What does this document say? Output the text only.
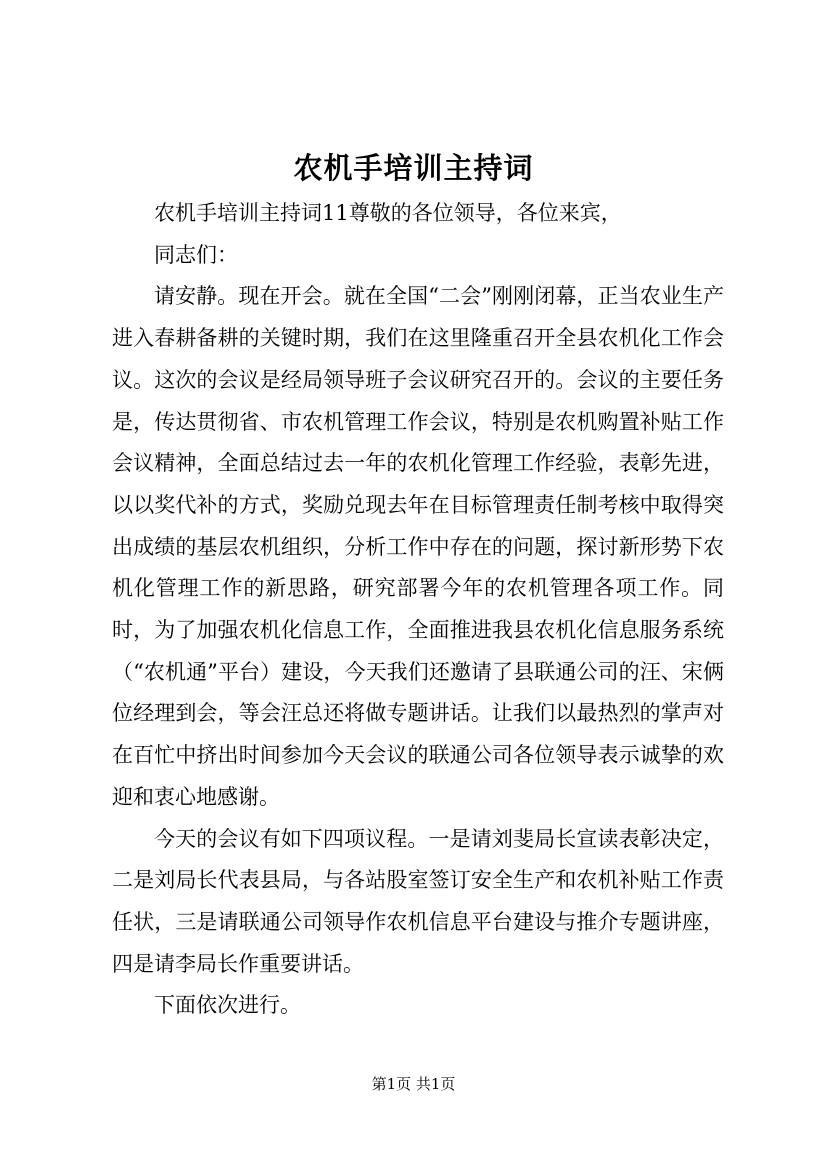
农机手培训主持词

农机手培训主持词11尊敬的各位领导，各位来宾，

同志们：

请安静。现在开会。就在全国“二会”刚刚闭幕，正当农业生产进入春耕备耕的关键时期，我们在这里隆重召开全县农机化工作会议。这次的会议是经局领导班子会议研究召开的。会议的主要任务是，传达贯彻省、市农机管理工作会议，特别是农机购置补贴工作会议精神，全面总结过去一年的农机化管理工作经验，表彰先进，以以奖代补的方式，奖励兑现去年在目标管理责任制考核中取得突出成绩的基层农机组织，分析工作中存在的问题，探讨新形势下农机化管理工作的新思路，研究部署今年的农机管理各项工作。同时，为了加强农机化信息工作，全面推进我县农机化信息服务系统（“农机通”平台）建设，今天我们还邀请了县联通公司的汪、宋俩位经理到会，等会汪总还将做专题讲话。让我们以最热烈的掌声对在百忙中挤出时间参加今天会议的联通公司各位领导表示诚挚的欢迎和衷心地感谢。

今天的会议有如下四项议程。一是请刘斐局长宣读表彰决定，二是刘局长代表县局，与各站股室签订安全生产和农机补贴工作责任状，三是请联通公司领导作农机信息平台建设与推介专题讲座，四是请李局长作重要讲话。

下面依次进行。

第1页 共1页
